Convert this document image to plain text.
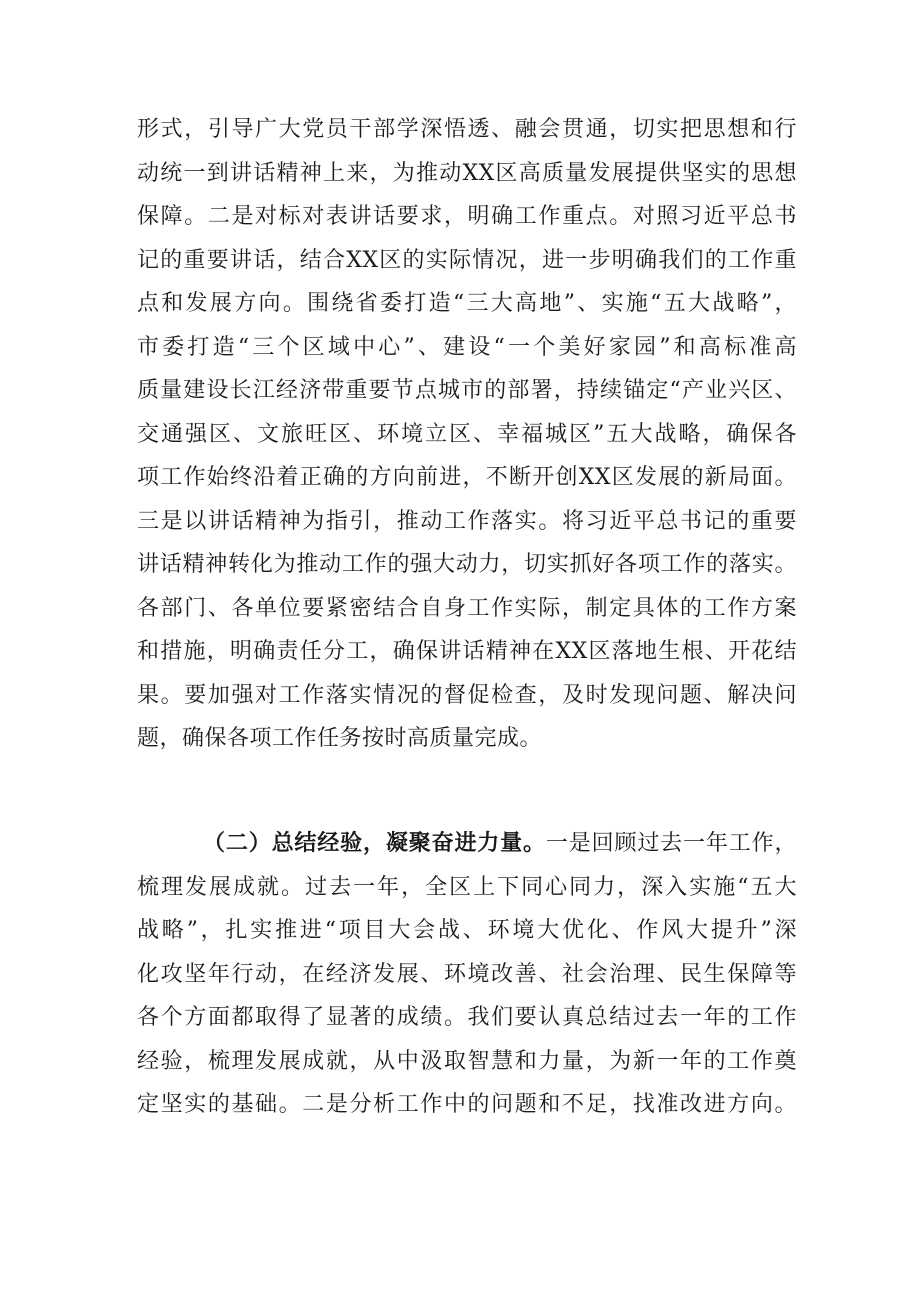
形式，引导广大党员干部学深悟透、融会贯通，切实把思想和行
动统一到讲话精神上来，为推动XX区高质量发展提供坚实的思想
保障。二是对标对表讲话要求，明确工作重点。对照习近平总书
记的重要讲话，结合XX区的实际情况，进一步明确我们的工作重
点和发展方向。围绕省委打造“三大高地”、实施“五大战略”，
市委打造“三个区域中心”、建设“一个美好家园”和高标准高
质量建设长江经济带重要节点城市的部署，持续锚定“产业兴区、
交通强区、文旅旺区、环境立区、幸福城区”五大战略，确保各
项工作始终沿着正确的方向前进，不断开创XX区发展的新局面。
三是以讲话精神为指引，推动工作落实。将习近平总书记的重要
讲话精神转化为推动工作的强大动力，切实抓好各项工作的落实。
各部门、各单位要紧密结合自身工作实际，制定具体的工作方案
和措施，明确责任分工，确保讲话精神在XX区落地生根、开花结
果。要加强对工作落实情况的督促检查，及时发现问题、解决问
题，确保各项工作任务按时高质量完成。
（二）总结经验，凝聚奋进力量。一是回顾过去一年工作，
梳理发展成就。过去一年，全区上下同心同力，深入实施“五大
战略”，扎实推进“项目大会战、环境大优化、作风大提升”深
化攻坚年行动，在经济发展、环境改善、社会治理、民生保障等
各个方面都取得了显著的成绩。我们要认真总结过去一年的工作
经验，梳理发展成就，从中汲取智慧和力量，为新一年的工作奠
定坚实的基础。二是分析工作中的问题和不足，找准改进方向。
